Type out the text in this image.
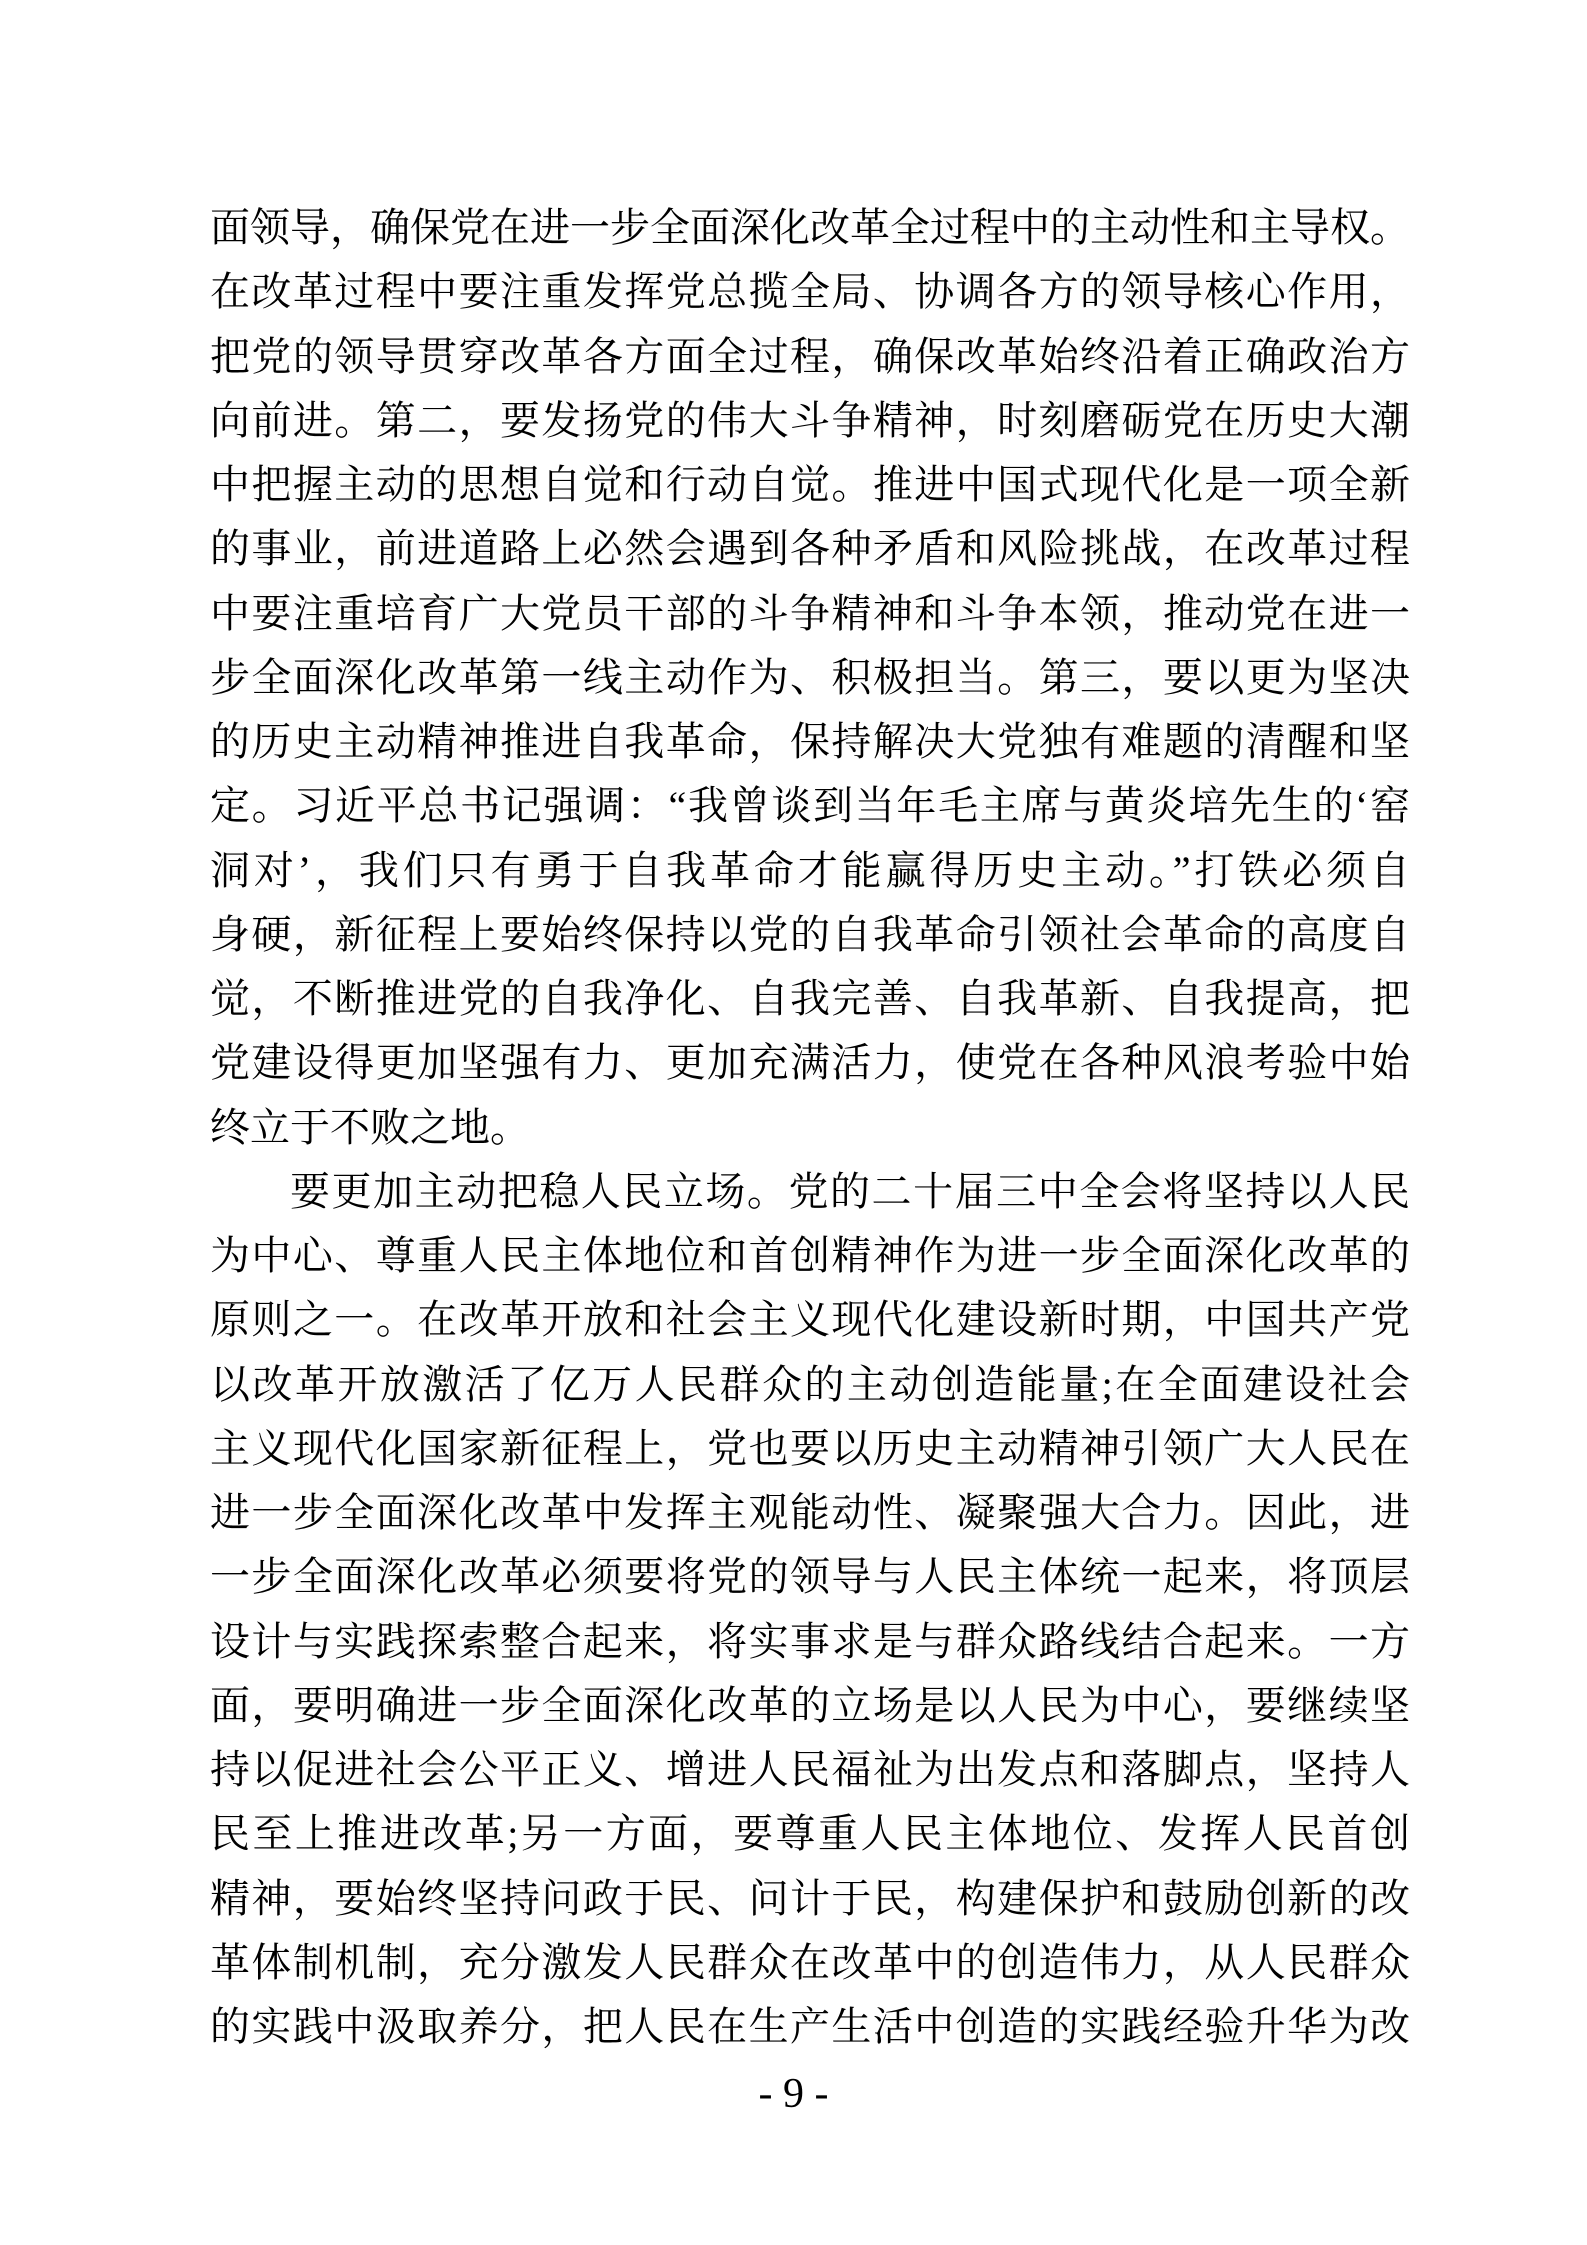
面领导，确保党在进一步全面深化改革全过程中的主动性和主导权。
在改革过程中要注重发挥党总揽全局、协调各方的领导核心作用，
把党的领导贯穿改革各方面全过程，确保改革始终沿着正确政治方
向前进。第二，要发扬党的伟大斗争精神，时刻磨砺党在历史大潮
中把握主动的思想自觉和行动自觉。推进中国式现代化是一项全新
的事业，前进道路上必然会遇到各种矛盾和风险挑战，在改革过程
中要注重培育广大党员干部的斗争精神和斗争本领，推动党在进一
步全面深化改革第一线主动作为、积极担当。第三，要以更为坚决
的历史主动精神推进自我革命，保持解决大党独有难题的清醒和坚
定。习近平总书记强调：“我曾谈到当年毛主席与黄炎培先生的‘窑
洞对’，我们只有勇于自我革命才能赢得历史主动。”打铁必须自
身硬，新征程上要始终保持以党的自我革命引领社会革命的高度自
觉，不断推进党的自我净化、自我完善、自我革新、自我提高，把
党建设得更加坚强有力、更加充满活力，使党在各种风浪考验中始
终立于不败之地。
要更加主动把稳人民立场。党的二十届三中全会将坚持以人民
为中心、尊重人民主体地位和首创精神作为进一步全面深化改革的
原则之一。在改革开放和社会主义现代化建设新时期，中国共产党
以改革开放激活了亿万人民群众的主动创造能量;在全面建设社会
主义现代化国家新征程上，党也要以历史主动精神引领广大人民在
进一步全面深化改革中发挥主观能动性、凝聚强大合力。因此，进
一步全面深化改革必须要将党的领导与人民主体统一起来，将顶层
设计与实践探索整合起来，将实事求是与群众路线结合起来。一方
面，要明确进一步全面深化改革的立场是以人民为中心，要继续坚
持以促进社会公平正义、增进人民福祉为出发点和落脚点，坚持人
民至上推进改革;另一方面，要尊重人民主体地位、发挥人民首创
精神，要始终坚持问政于民、问计于民，构建保护和鼓励创新的改
革体制机制，充分激发人民群众在改革中的创造伟力，从人民群众
的实践中汲取养分，把人民在生产生活中创造的实践经验升华为改
- 9 -
